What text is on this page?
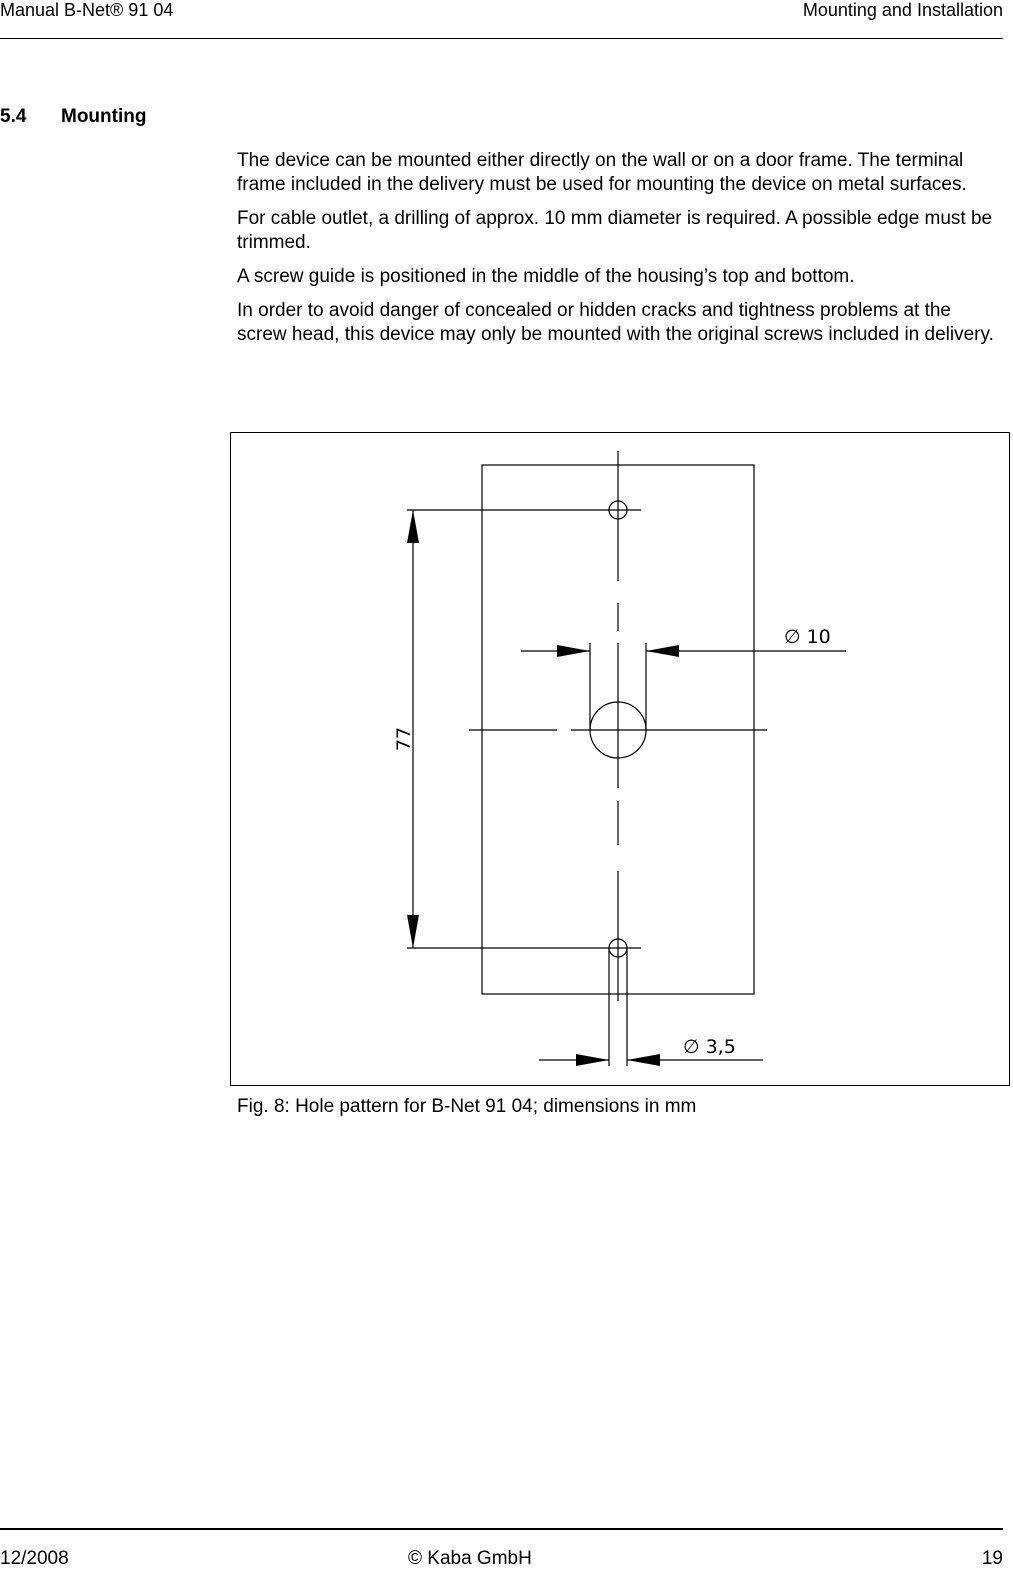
Manual B-Net® 91 04	Mounting and Installation
5.4 Mounting

The device can be mounted either directly on the wall or on a door frame. The terminal frame included in the delivery must be used for mounting the device on metal surfaces.

For cable outlet, a drilling of approx. 10 mm diameter is required. A possible edge must be trimmed.

A screw guide is positioned in the middle of the housing’s top and bottom.

In order to avoid danger of concealed or hidden cracks and tightness problems at the screw head, this device may only be mounted with the original screws included in delivery.

77
∅ 10
∅ 3,5
Fig. 8: Hole pattern for B-Net 91 04; dimensions in mm
12/2008	© Kaba GmbH	19
